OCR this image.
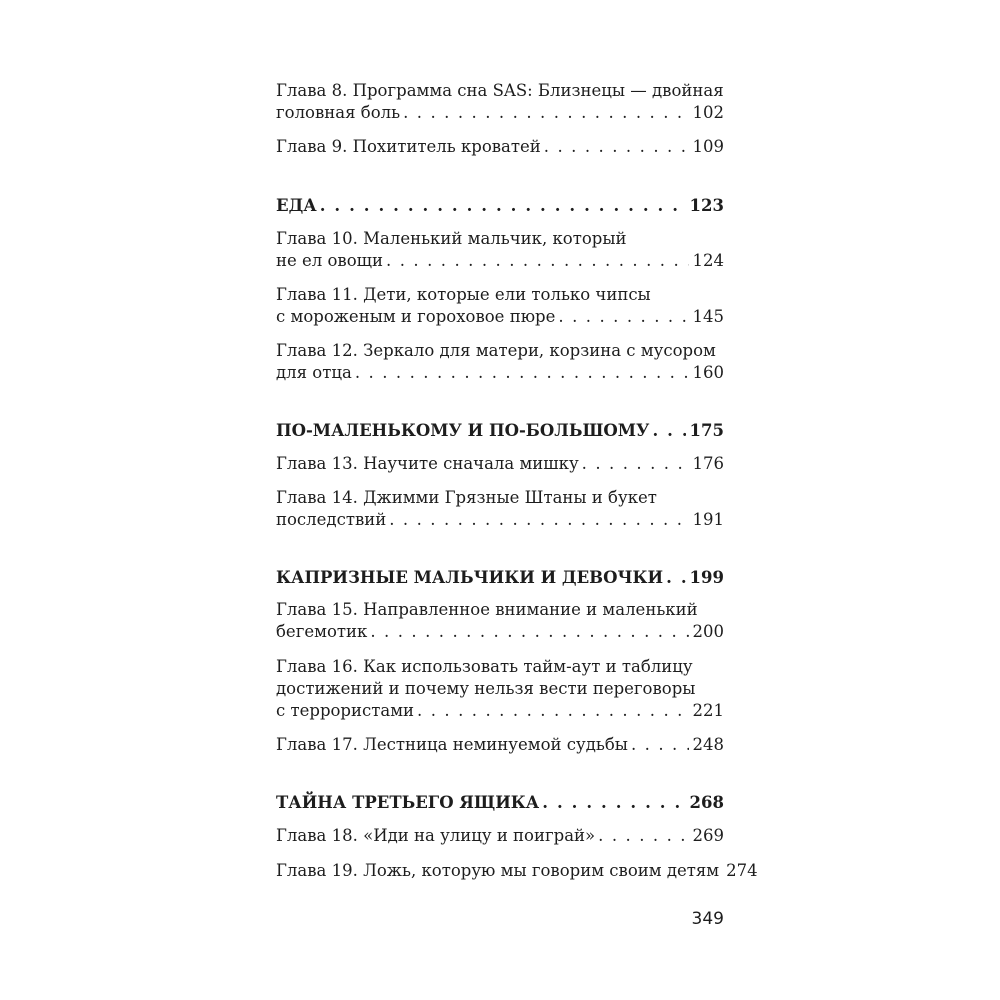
Глава 8. Программа сна SAS: Близнецы — двойная
головная боль . . .	102
Глава 9. Похититель кроватей . . .	109
ЕДА . . .	123
Глава 10. Маленький мальчик, который
не ел овощи . . .	124
Глава 11. Дети, которые ели только чипсы
с мороженым и гороховое пюре . . .	145
Глава 12. Зеркало для матери, корзина с мусором
для отца . . .	160
ПО-МАЛЕНЬКОМУ И ПО-БОЛЬШОМУ . . . 175
Глава 13. Научите сначала мишку . . .	176
Глава 14. Джимми Грязные Штаны и букет
последствий . . .	191
КАПРИЗНЫЕ МАЛЬЧИКИ И ДЕВОЧКИ . . . 199
Глава 15. Направленное внимание и маленький
бегемотик . . .	200
Глава 16. Как использовать тайм-аут и таблицу
достижений и почему нельзя вести переговоры
с террористами . . .	221
Глава 17. Лестница неминуемой судьбы . . .	248
ТАЙНА ТРЕТЬЕГО ЯЩИКА . . .	268
Глава 18. «Иди на улицу и поиграй» . . .	269
Глава 19. Ложь, которую мы говорим своим детям 274
349
